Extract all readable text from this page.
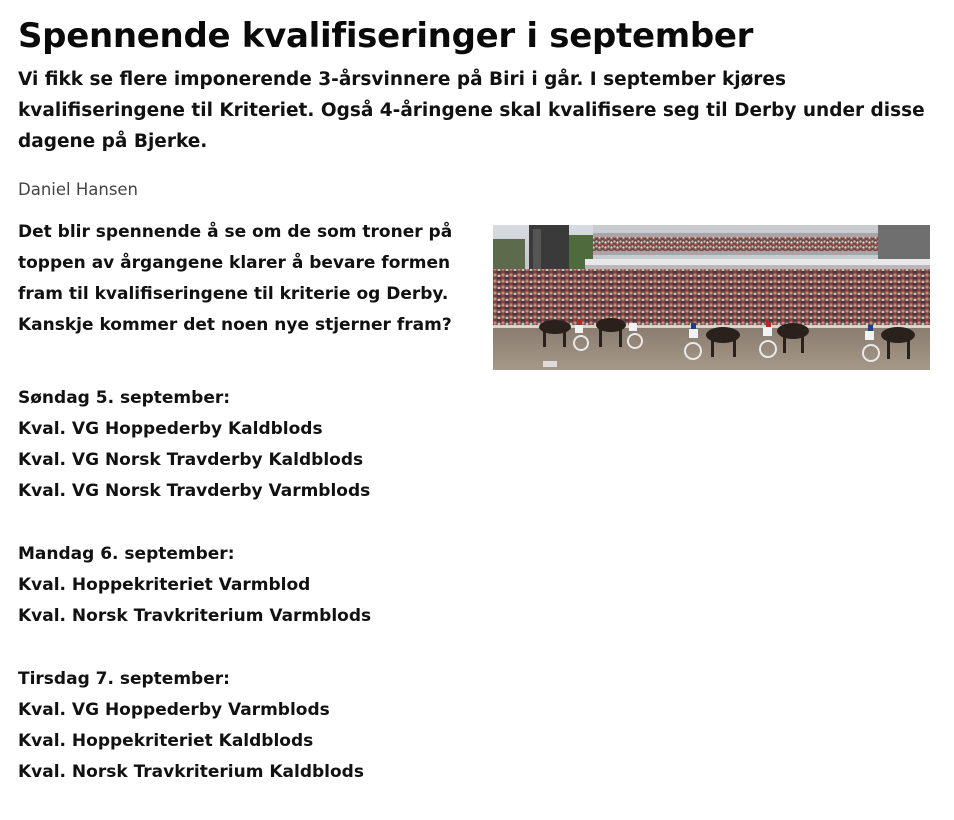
Spennende kvalifiseringer i september

Vi fikk se flere imponerende 3-årsvinnere på Biri i går. I september kjøres kvalifiseringene til Kriteriet. Også 4-åringene skal kvalifisere seg til Derby under disse dagene på Bjerke.

Daniel Hansen

Det blir spennende å se om de som troner på toppen av årgangene klarer å bevare formen fram til kvalifiseringene til kriterie og Derby. Kanskje kommer det noen nye stjerner fram?

Søndag 5. september:
Kval. VG Hoppederby Kaldblods
Kval. VG Norsk Travderby Kaldblods
Kval. VG Norsk Travderby Varmblods
Mandag 6. september:
Kval. Hoppekriteriet Varmblod
Kval. Norsk Travkriterium Varmblods
Tirsdag 7. september:
Kval. VG Hoppederby Varmblods
Kval. Hoppekriteriet Kaldblods
Kval. Norsk Travkriterium Kaldblods
